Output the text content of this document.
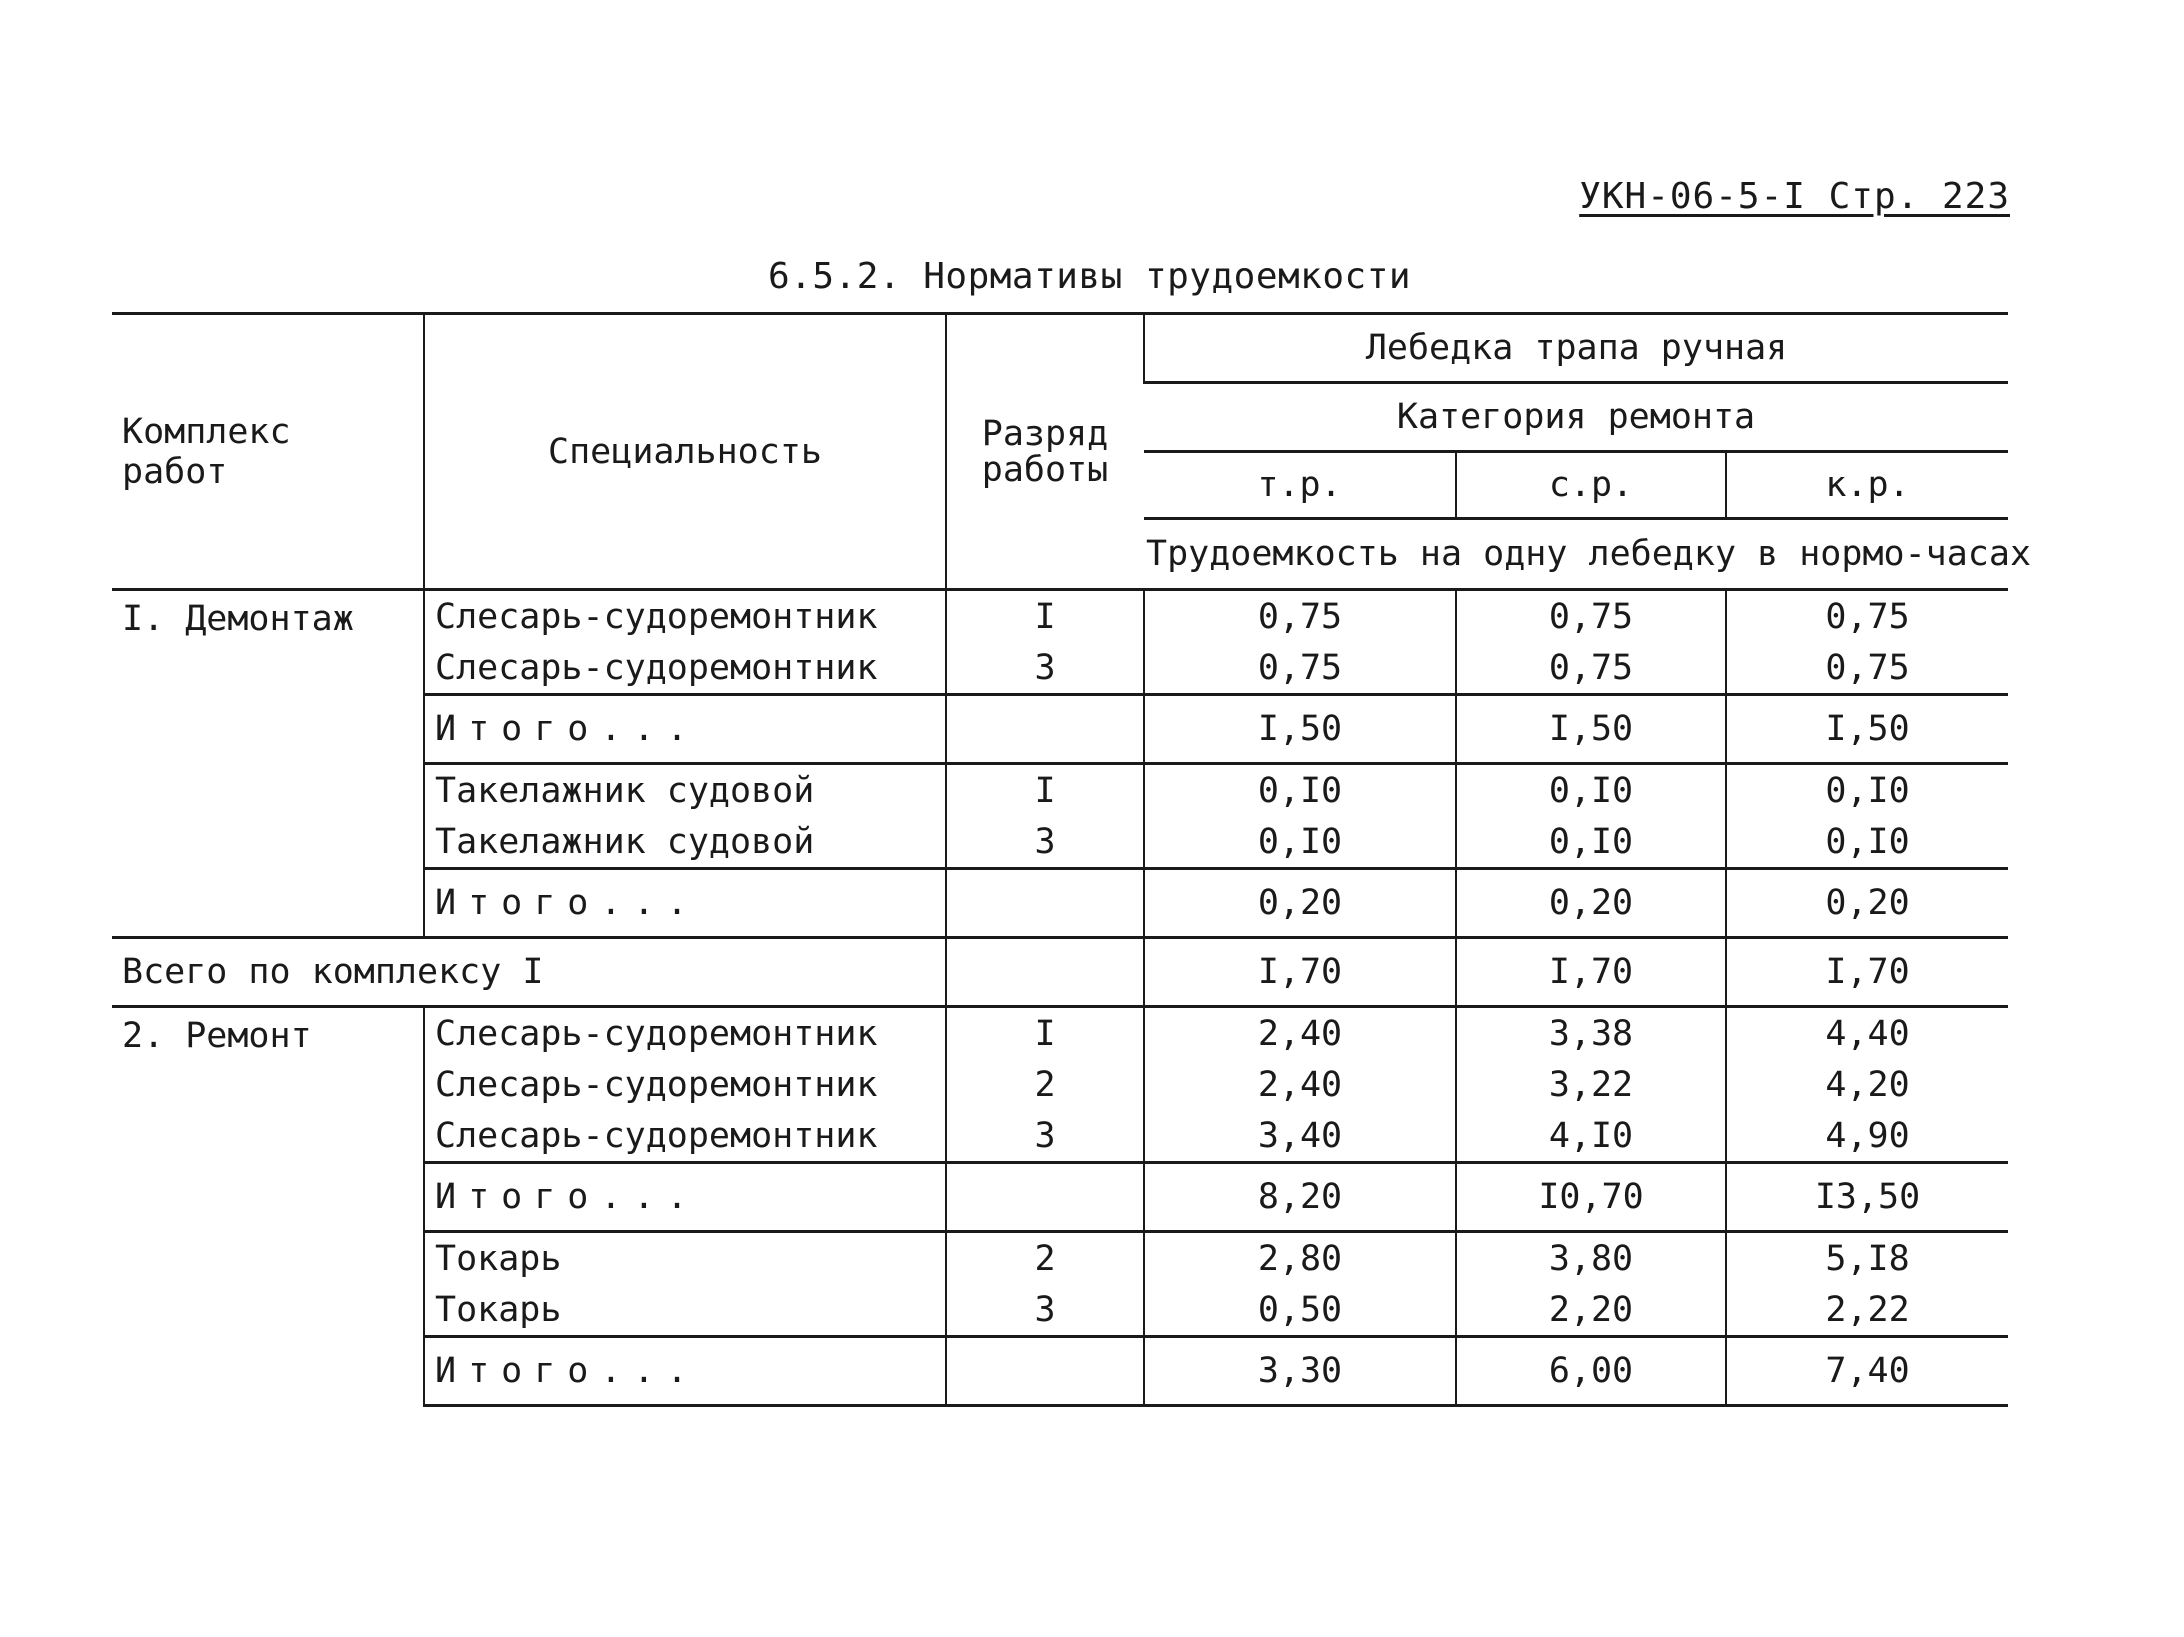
УКН-06-5-I Стр. 223
6.5.2. Нормативы трудоемкости
Комплекс работ	Специальность	Разряд работы	Лебедка трапа ручная		
			Категория ремонта		
			т.р.	с.р.	к.р.
			Трудоемкость на одну лебедку в нормо-часах		
I. Демонтаж	Слесарь-судоремонтник	I	0,75	0,75	0,75
	Слесарь-судоремонтник	3	0,75	0,75	0,75
	Итого...		I,50	I,50	I,50
	Такелажник судовой	I	0,I0	0,I0	0,I0
	Такелажник судовой	3	0,I0	0,I0	0,I0
	Итого...		0,20	0,20	0,20
Всего по комплексу I			I,70	I,70	I,70
2. Ремонт	Слесарь-судоремонтник	I	2,40	3,38	4,40
	Слесарь-судоремонтник	2	2,40	3,22	4,20
	Слесарь-судоремонтник	3	3,40	4,I0	4,90
	Итого...		8,20	I0,70	I3,50
	Токарь	2	2,80	3,80	5,I8
	Токарь	3	0,50	2,20	2,22
	Итого...		3,30	6,00	7,40
